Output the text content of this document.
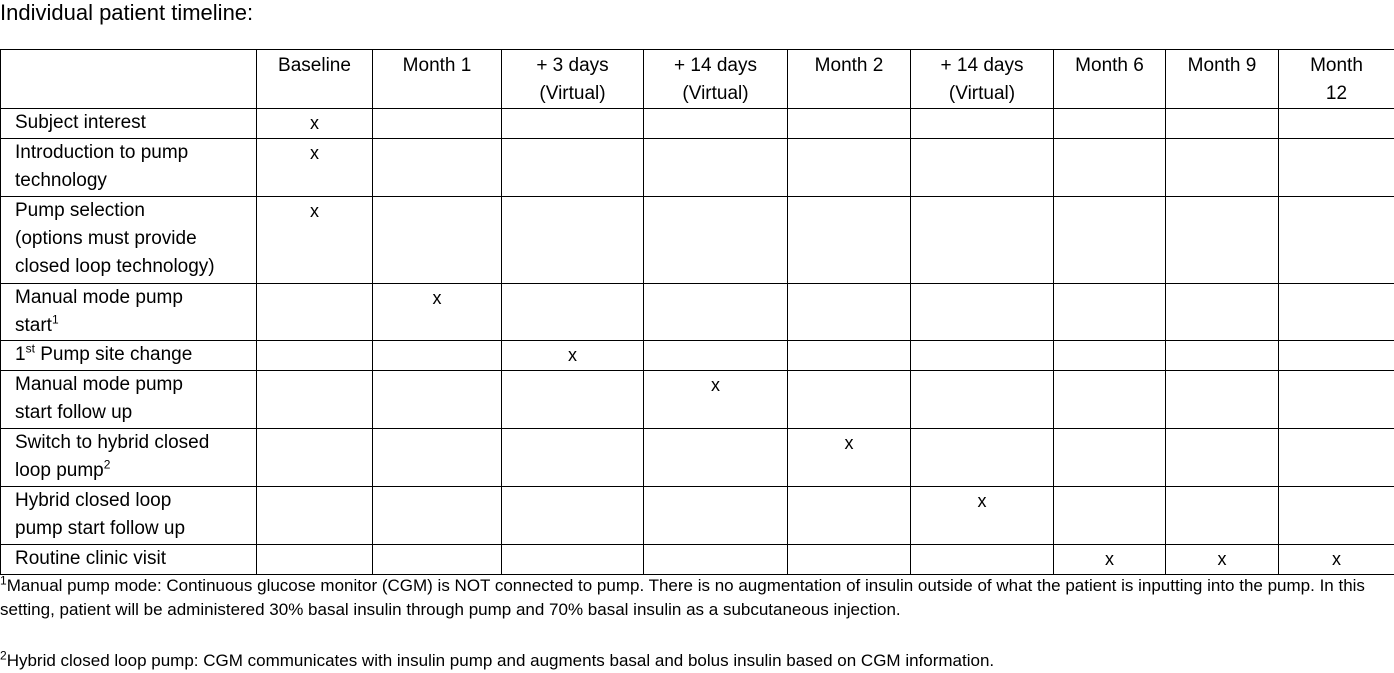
Individual patient timeline:
	Baseline	Month 1	+ 3 days
(Virtual)	+ 14 days
(Virtual)	Month 2	+ 14 days
(Virtual)	Month 6	Month 9	Month
12
Subject interest	x								
Introduction to pump
technology	x								
Pump selection
(options must provide
closed loop technology)	x								
Manual mode pump
start$^1$		x							
1st Pump site change			x						
Manual mode pump
start follow up				x					
Switch to hybrid closed
loop pump$^2$					x				
Hybrid closed loop
pump start follow up						x			
Routine clinic visit							x	x	x
$^1$Manual pump mode: Continuous glucose monitor (CGM) is NOT connected to pump. There is no augmentation of insulin outside of what the patient is inputting into the pump. In this setting, patient will be administered 30% basal insulin through pump and 70% basal insulin as a subcutaneous injection.
$^2$Hybrid closed loop pump: CGM communicates with insulin pump and augments basal and bolus insulin based on CGM information.
